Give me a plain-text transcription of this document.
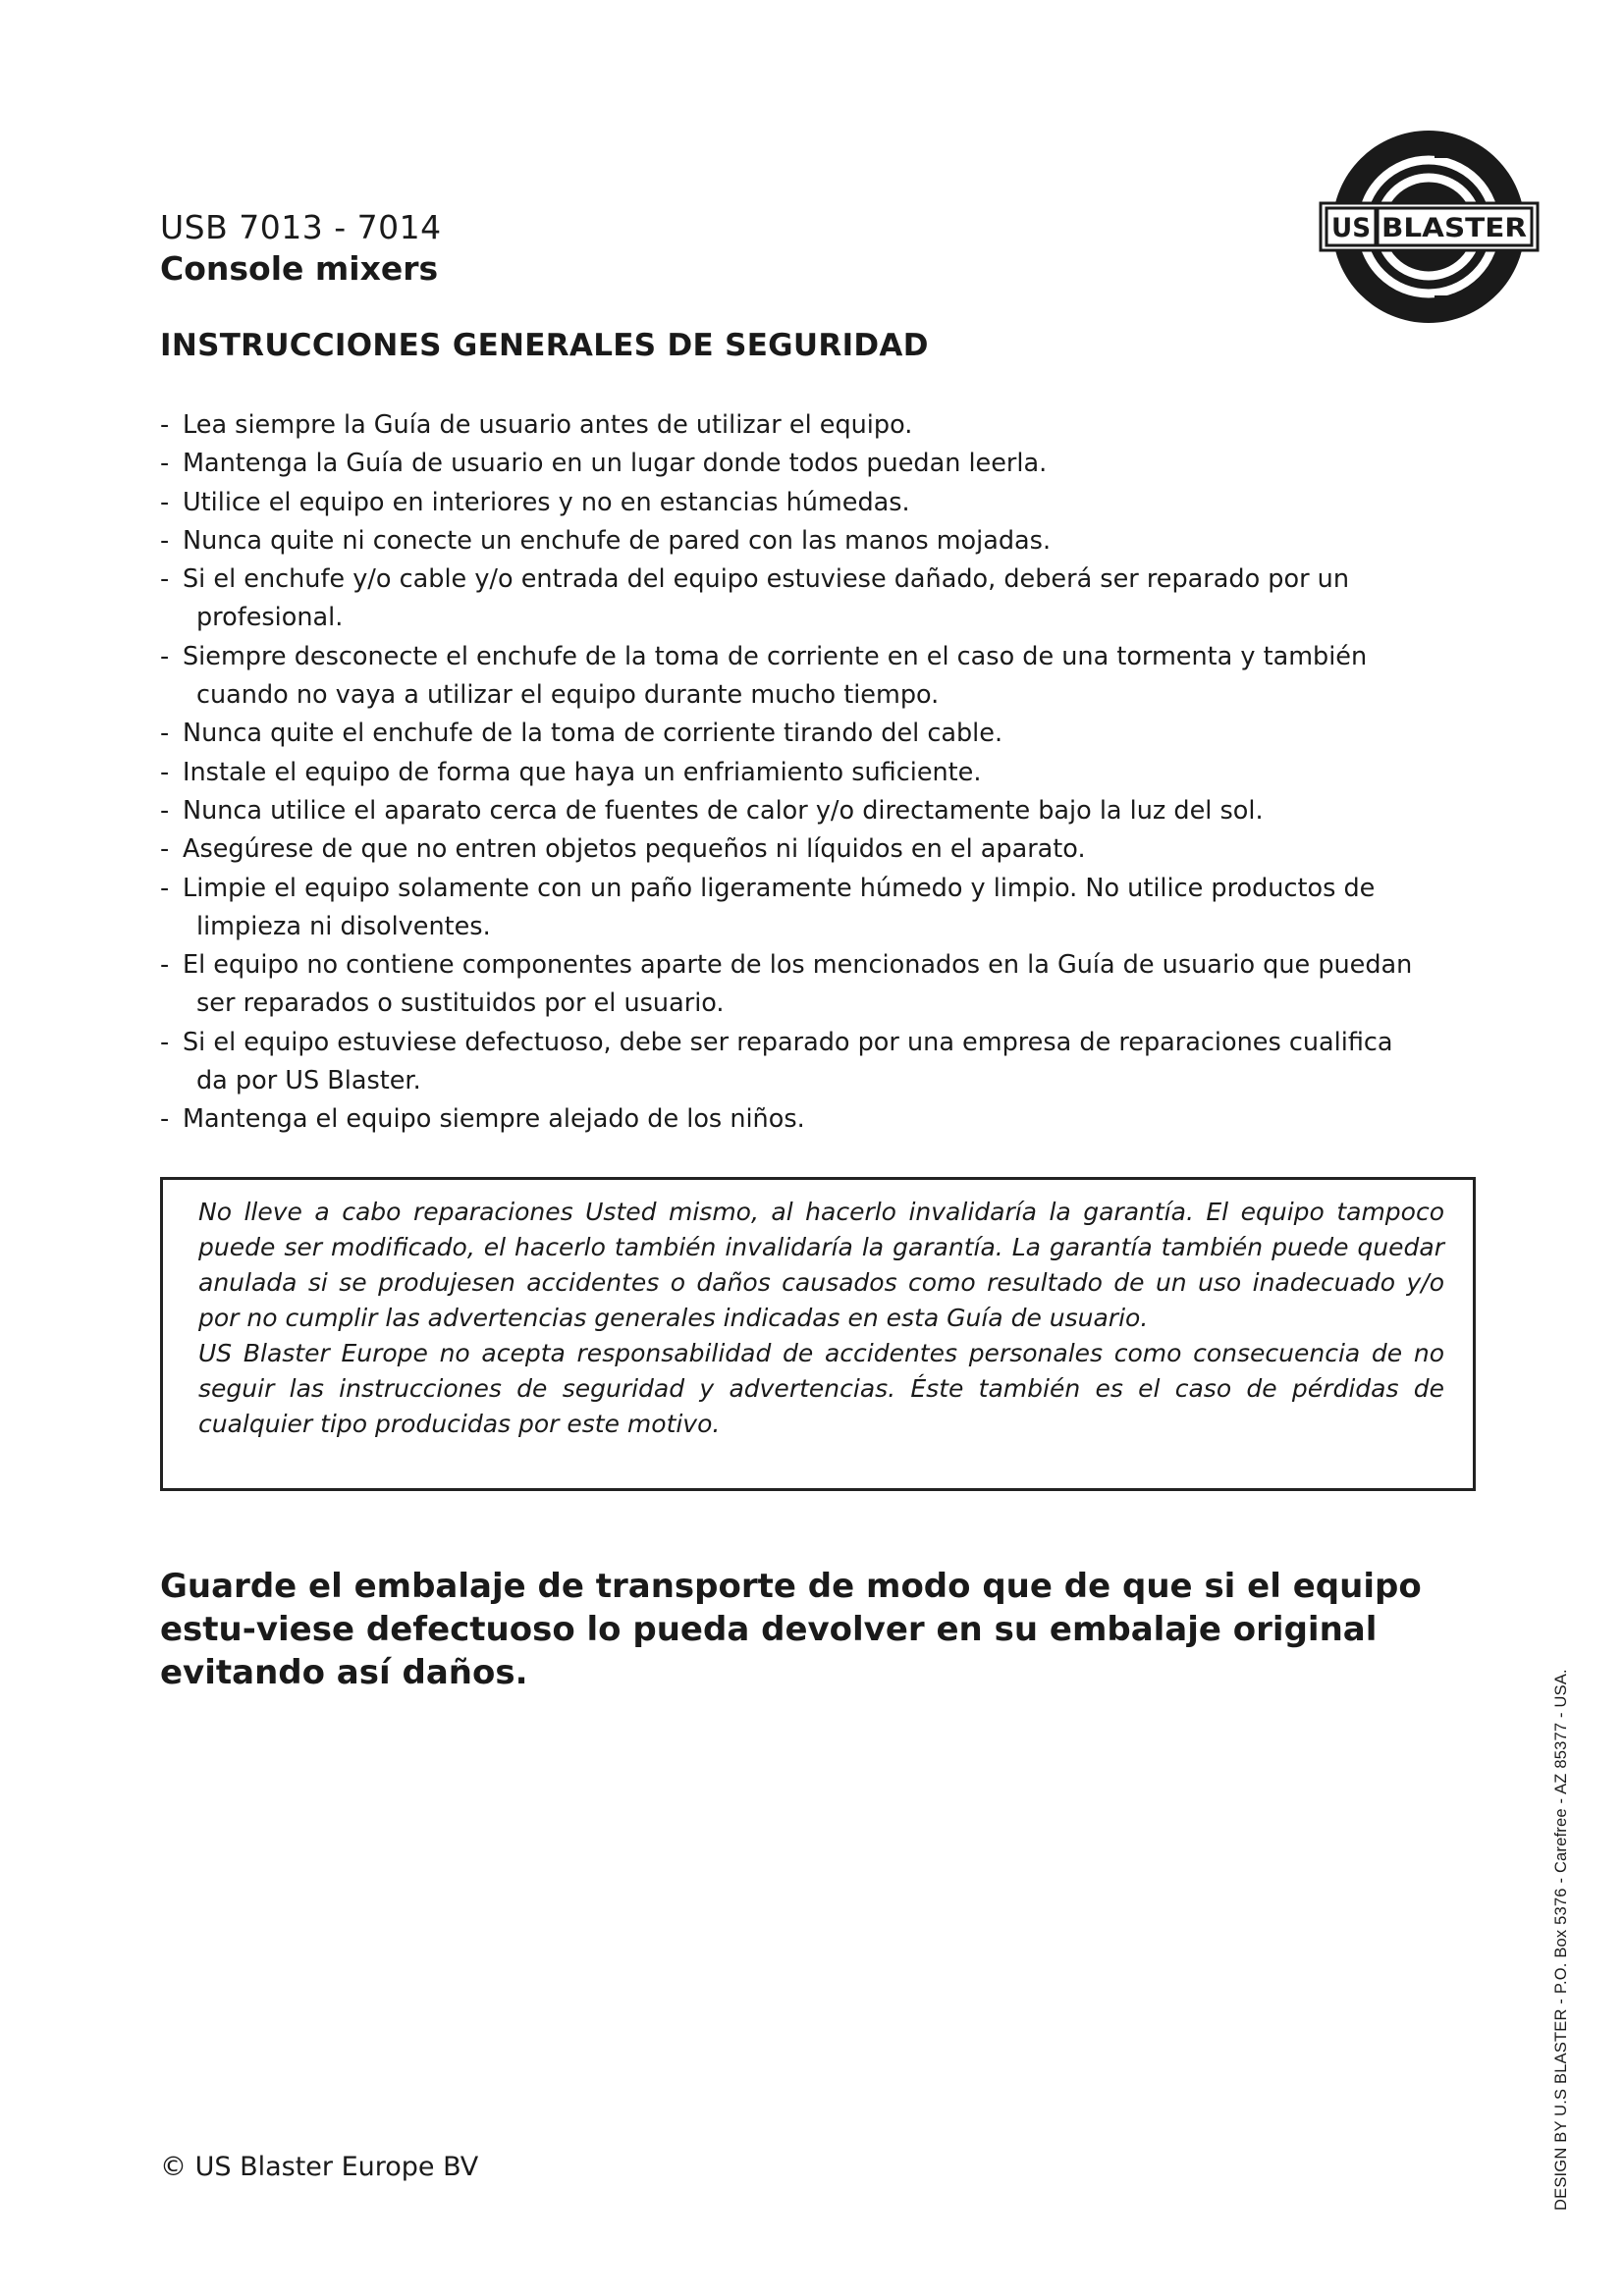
USB 7013 - 7014
Console mixers
US BLASTER
INSTRUCCIONES GENERALES DE SEGURIDAD
- Lea siempre la Guía de usuario antes de utilizar el equipo.
- Mantenga la Guía de usuario en un lugar donde todos puedan leerla.
- Utilice el equipo en interiores y no en estancias húmedas.
- Nunca quite ni conecte un enchufe de pared con las manos mojadas.
- Si el enchufe y/o cable y/o entrada del equipo estuviese dañado, deberá ser reparado por un
profesional.
- Siempre desconecte el enchufe de la toma de corriente en el caso de una tormenta y también
cuando no vaya a utilizar el equipo durante mucho tiempo.
- Nunca quite el enchufe de la toma de corriente tirando del cable.
- Instale el equipo de forma que haya un enfriamiento suficiente.
- Nunca utilice el aparato cerca de fuentes de calor y/o directamente bajo la luz del sol.
- Asegúrese de que no entren objetos pequeños ni líquidos en el aparato.
- Limpie el equipo solamente con un paño ligeramente húmedo y limpio. No utilice productos de
limpieza ni disolventes.
- El equipo no contiene componentes aparte de los mencionados en la Guía de usuario que puedan
ser reparados o sustituidos por el usuario.
- Si el equipo estuviese defectuoso, debe ser reparado por una empresa de reparaciones cualifica
da por US Blaster.
- Mantenga el equipo siempre alejado de los niños.

No lleve a cabo reparaciones Usted mismo, al hacerlo invalidaría la garantía. El equipo tampoco puede ser modificado, el hacerlo también invalidaría la garantía. La garantía también puede quedar anulada si se produjesen accidentes o daños causados como resultado de un uso inadecuado y/o por no cumplir las advertencias generales indicadas en esta Guía de usuario.

US Blaster Europe no acepta responsabilidad de accidentes personales como consecuencia de no seguir las instrucciones de seguridad y advertencias. Éste también es el caso de pérdidas de cualquier tipo producidas por este motivo.

Guarde el embalaje de transporte de modo que de que si el equipo estu-viese defectuoso lo pueda devolver en su embalaje original evitando así daños.
© US Blaster Europe BV	DESIGN BY U.S BLASTER - P.O. Box 5376 - Carefree - AZ 85377 - USA.
